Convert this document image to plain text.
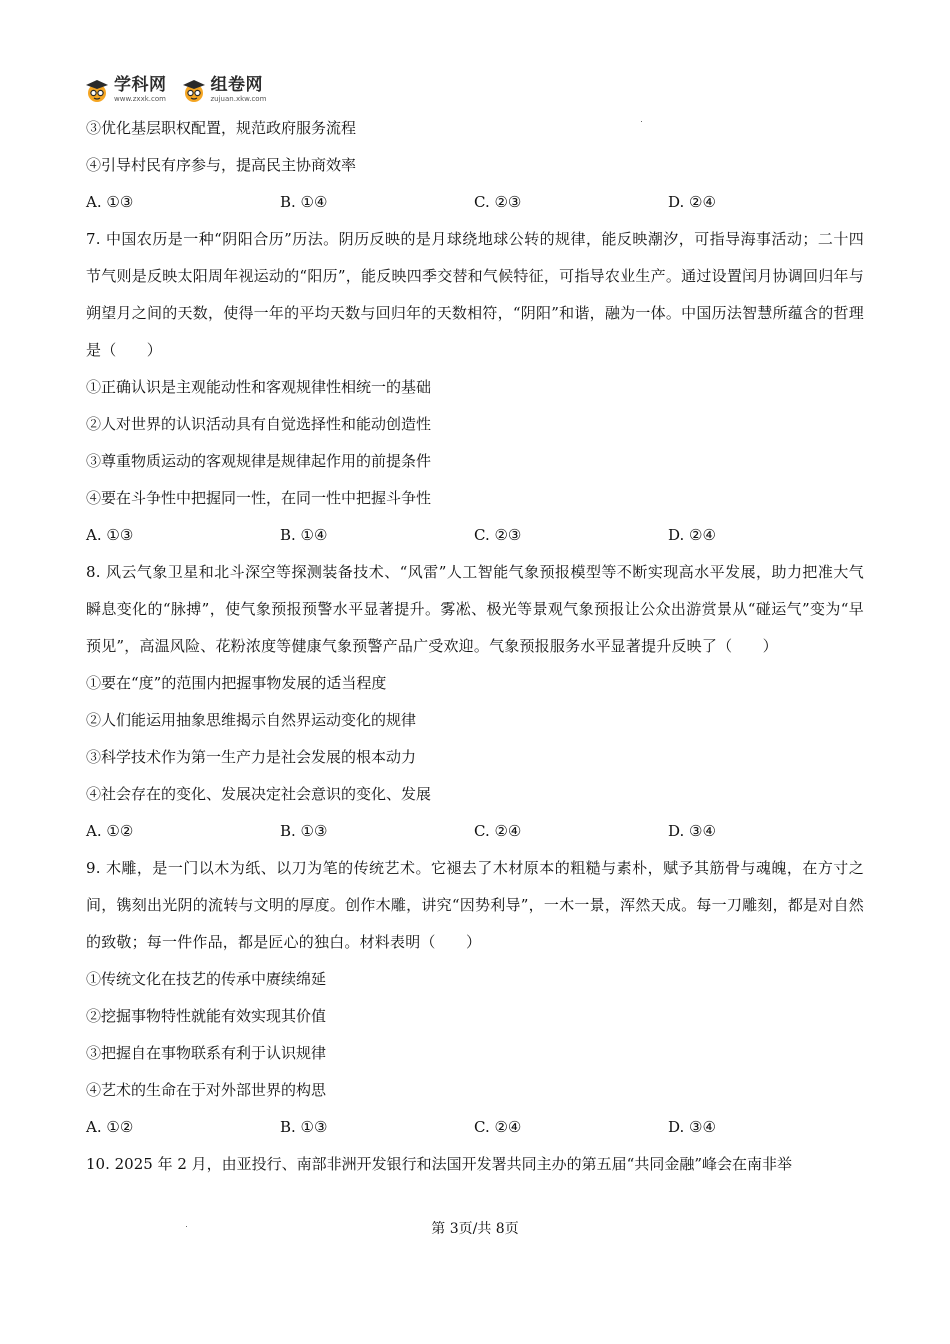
学科网
www.zxxk.com
组卷网
zujuan.xkw.com
③优化基层职权配置，规范政府服务流程
④引导村民有序参与，提高民主协商效率
A. ①③	B. ①④	C. ②③	D. ②④
7. 中国农历是一种“阴阳合历”历法。阴历反映的是月球绕地球公转的规律，能反映潮汐，可指导海事活动；二十四节气则是反映太阳周年视运动的“阳历”，能反映四季交替和气候特征，可指导农业生产。通过设置闰月协调回归年与朔望月之间的天数，使得一年的平均天数与回归年的天数相符，“阴阳”和谐，融为一体。中国历法智慧所蕴含的哲理是（　　）
①正确认识是主观能动性和客观规律性相统一的基础
②人对世界的认识活动具有自觉选择性和能动创造性
③尊重物质运动的客观规律是规律起作用的前提条件
④要在斗争性中把握同一性，在同一性中把握斗争性
A. ①③	B. ①④	C. ②③	D. ②④
8. 风云气象卫星和北斗深空等探测装备技术、“风雷”人工智能气象预报模型等不断实现高水平发展，助力把准大气瞬息变化的“脉搏”，使气象预报预警水平显著提升。雾凇、极光等景观气象预报让公众出游赏景从“碰运气”变为“早预见”，高温风险、花粉浓度等健康气象预警产品广受欢迎。气象预报服务水平显著提升反映了（　　）
①要在“度”的范围内把握事物发展的适当程度
②人们能运用抽象思维揭示自然界运动变化的规律
③科学技术作为第一生产力是社会发展的根本动力
④社会存在的变化、发展决定社会意识的变化、发展
A. ①②	B. ①③	C. ②④	D. ③④
9. 木雕，是一门以木为纸、以刀为笔的传统艺术。它褪去了木材原本的粗糙与素朴，赋予其筋骨与魂魄，在方寸之间，镌刻出光阴的流转与文明的厚度。创作木雕，讲究“因势利导”，一木一景，浑然天成。每一刀雕刻，都是对自然的致敬；每一件作品，都是匠心的独白。材料表明（　　）
①传统文化在技艺的传承中赓续绵延
②挖掘事物特性就能有效实现其价值
③把握自在事物联系有利于认识规律
④艺术的生命在于对外部世界的构思
A. ①②	B. ①③	C. ②④	D. ③④
10. 2025 年 2 月，由亚投行、南部非洲开发银行和法国开发署共同主办的第五届“共同金融”峰会在南非举
第 3页/共 8页
